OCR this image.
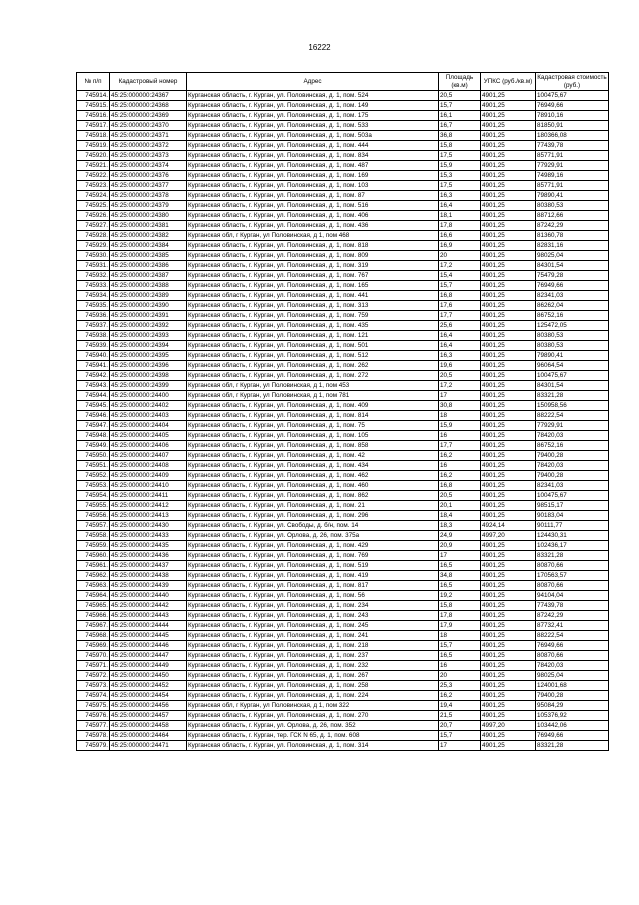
16222
№ п/п	Кадастровый номер	Адрес	Площадь (кв.м)	УПКС (руб./кв.м)	Кадастровая стоимость (руб.)
745914.	45:25:000000:24367	Курганская область, г. Курган, ул. Половинская, д. 1, пом. 524	20,5	4901,25	100475,67
745915.	45:25:000000:24368	Курганская область, г. Курган, ул. Половинская, д. 1, пом. 149	15,7	4901,25	76949,66
745916.	45:25:000000:24369	Курганская область, г. Курган, ул. Половинская, д. 1, пом. 175	16,1	4901,25	78910,16
745917.	45:25:000000:24370	Курганская область, г. Курган, ул. Половинская, д. 1, пом. 533	16,7	4901,25	81850,91
745918.	45:25:000000:24371	Курганская область, г. Курган, ул. Половинская, д. 1, пом. 503а	36,8	4901,25	180366,08
745919.	45:25:000000:24372	Курганская область, г. Курган, ул. Половинская, д. 1, пом. 444	15,8	4901,25	77439,78
745920.	45:25:000000:24373	Курганская область, г. Курган, ул. Половинская, д. 1, пом. 834	17,5	4901,25	85771,91
745921.	45:25:000000:24374	Курганская область, г. Курган, ул. Половинская, д. 1, пом. 487	15,9	4901,25	77929,91
745922.	45:25:000000:24376	Курганская область, г. Курган, ул. Половинская, д. 1, пом. 169	15,3	4901,25	74989,16
745923.	45:25:000000:24377	Курганская область, г. Курган, ул. Половинская, д. 1, пом. 103	17,5	4901,25	85771,91
745924.	45:25:000000:24378	Курганская область, г. Курган, ул. Половинская, д. 1, пом. 87	16,3	4901,25	79890,41
745925.	45:25:000000:24379	Курганская область, г. Курган, ул. Половинская, д. 1, пом. 516	16,4	4901,25	80380,53
745926.	45:25:000000:24380	Курганская область, г. Курган, ул. Половинская, д. 1, пом. 406	18,1	4901,25	88712,66
745927.	45:25:000000:24381	Курганская область, г. Курган, ул. Половинская, д. 1, пом. 436	17,8	4901,25	87242,29
745928.	45:25:000000:24382	Курганская обл, г Курган, ул Половинская, д 1, пом 468	16,6	4901,25	81360,78
745929.	45:25:000000:24384	Курганская область, г. Курган, ул. Половинская, д. 1, пом. 818	16,9	4901,25	82831,16
745930.	45:25:000000:24385	Курганская область, г. Курган, ул. Половинская, д. 1, пом. 809	20	4901,25	98025,04
745931.	45:25:000000:24386	Курганская область, г. Курган, ул. Половинская, д. 1, пом. 319	17,2	4901,25	84301,54
745932.	45:25:000000:24387	Курганская область, г. Курган, ул. Половинская, д. 1, пом. 767	15,4	4901,25	75479,28
745933.	45:25:000000:24388	Курганская область, г. Курган, ул. Половинская, д. 1, пом. 165	15,7	4901,25	76949,66
745934.	45:25:000000:24389	Курганская область, г. Курган, ул. Половинская, д. 1, пом. 441	16,8	4901,25	82341,03
745935.	45:25:000000:24390	Курганская область, г. Курган, ул. Половинская, д. 1, пом. 313	17,6	4901,25	86262,04
745936.	45:25:000000:24391	Курганская область, г. Курган, ул. Половинская, д. 1, пом. 759	17,7	4901,25	86752,16
745937.	45:25:000000:24392	Курганская область, г. Курган, ул. Половинская, д. 1, пом. 435	25,6	4901,25	125472,05
745938.	45:25:000000:24393	Курганская область, г. Курган, ул. Половинская, д. 1, пом. 121	16,4	4901,25	80380,53
745939.	45:25:000000:24394	Курганская область, г. Курган, ул. Половинская, д. 1, пом. 501	16,4	4901,25	80380,53
745940.	45:25:000000:24395	Курганская область, г. Курган, ул. Половинская, д. 1, пом. 512	16,3	4901,25	79890,41
745941.	45:25:000000:24396	Курганская область, г. Курган, ул. Половинская, д. 1, пом. 262	19,6	4901,25	96064,54
745942.	45:25:000000:24398	Курганская область, г. Курган, ул. Половинская, д. 1, пом. 272	20,5	4901,25	100475,67
745943.	45:25:000000:24399	Курганская обл, г Курган, ул Половинская, д 1, пом 453	17,2	4901,25	84301,54
745944.	45:25:000000:24400	Курганская обл, г Курган, ул Половинская, д 1, пом 781	17	4901,25	83321,28
745945.	45:25:000000:24402	Курганская область, г. Курган, ул. Половинская, д. 1, пом. 409	30,8	4901,25	150958,56
745946.	45:25:000000:24403	Курганская область, г. Курган, ул. Половинская, д. 1, пом. 814	18	4901,25	88222,54
745947.	45:25:000000:24404	Курганская область, г. Курган, ул. Половинская, д. 1, пом. 75	15,9	4901,25	77929,91
745948.	45:25:000000:24405	Курганская область, г. Курган, ул. Половинская, д. 1, пом. 105	16	4901,25	78420,03
745949.	45:25:000000:24406	Курганская область, г. Курган, ул. Половинская, д. 1, пом. 858	17,7	4901,25	86752,16
745950.	45:25:000000:24407	Курганская область, г. Курган, ул. Половинская, д. 1, пом. 42	16,2	4901,25	79400,28
745951.	45:25:000000:24408	Курганская область, г. Курган, ул. Половинская, д. 1, пом. 434	16	4901,25	78420,03
745952.	45:25:000000:24409	Курганская область, г. Курган, ул. Половинская, д. 1, пом. 462	16,2	4901,25	79400,28
745953.	45:25:000000:24410	Курганская область, г. Курган, ул. Половинская, д. 1, пом. 460	16,8	4901,25	82341,03
745954.	45:25:000000:24411	Курганская область, г. Курган, ул. Половинская, д. 1, пом. 862	20,5	4901,25	100475,67
745955.	45:25:000000:24412	Курганская область, г. Курган, ул. Половинская, д. 1, пом. 21	20,1	4901,25	98515,17
745956.	45:25:000000:24413	Курганская область, г. Курган, ул. Половинская, д. 1, пом. 296	18,4	4901,25	90183,04
745957.	45:25:000000:24430	Курганская область, г. Курган, ул. Свободы, д. б/н, пом. 14	18,3	4924,14	90111,77
745958.	45:25:000000:24433	Курганская область, г. Курган, ул. Орлова, д. 26, пом. 375а	24,9	4997,20	124430,31
745959.	45:25:000000:24435	Курганская область, г. Курган, ул. Половинская, д. 1, пом. 429	20,9	4901,25	102436,17
745960.	45:25:000000:24436	Курганская область, г. Курган, ул. Половинская, д. 1, пом. 769	17	4901,25	83321,28
745961.	45:25:000000:24437	Курганская область, г. Курган, ул. Половинская, д. 1, пом. 519	16,5	4901,25	80870,66
745962.	45:25:000000:24438	Курганская область, г. Курган, ул. Половинская, д. 1, пом. 419	34,8	4901,25	170563,57
745963.	45:25:000000:24439	Курганская область, г. Курган, ул. Половинская, д. 1, пом. 817	16,5	4901,25	80870,66
745964.	45:25:000000:24440	Курганская область, г. Курган, ул. Половинская, д. 1, пом. 56	19,2	4901,25	94104,04
745965.	45:25:000000:24442	Курганская область, г. Курган, ул. Половинская, д. 1, пом. 234	15,8	4901,25	77439,78
745966.	45:25:000000:24443	Курганская область, г. Курган, ул. Половинская, д. 1, пом. 243	17,8	4901,25	87242,29
745967.	45:25:000000:24444	Курганская область, г. Курган, ул. Половинская, д. 1, пом. 245	17,9	4901,25	87732,41
745968.	45:25:000000:24445	Курганская область, г. Курган, ул. Половинская, д. 1, пом. 241	18	4901,25	88222,54
745969.	45:25:000000:24446	Курганская область, г. Курган, ул. Половинская, д. 1, пом. 218	15,7	4901,25	76949,66
745970.	45:25:000000:24447	Курганская область, г. Курган, ул. Половинская, д. 1, пом. 237	16,5	4901,25	80870,66
745971.	45:25:000000:24449	Курганская область, г. Курган, ул. Половинская, д. 1, пом. 232	16	4901,25	78420,03
745972.	45:25:000000:24450	Курганская область, г. Курган, ул. Половинская, д. 1, пом. 267	20	4901,25	98025,04
745973.	45:25:000000:24452	Курганская область, г. Курган, ул. Половинская, д. 1, пом. 258	25,3	4901,25	124001,68
745974.	45:25:000000:24454	Курганская область, г. Курган, ул. Половинская, д. 1, пом. 224	16,2	4901,25	79400,28
745975.	45:25:000000:24456	Курганская обл, г Курган, ул Половинская, д 1, пом 322	19,4	4901,25	95084,29
745976.	45:25:000000:24457	Курганская область, г. Курган, ул. Половинская, д. 1, пом. 270	21,5	4901,25	105376,92
745977.	45:25:000000:24458	Курганская область, г. Курган, ул. Орлова, д. 26, пом. 352	20,7	4997,20	103442,06
745978.	45:25:000000:24464	Курганская область, г. Курган, тер. ГСК N 65, д. 1, пом. 608	15,7	4901,25	76949,66
745979.	45:25:000000:24471	Курганская область, г. Курган, ул. Половинская, д. 1, пом. 314	17	4901,25	83321,28
